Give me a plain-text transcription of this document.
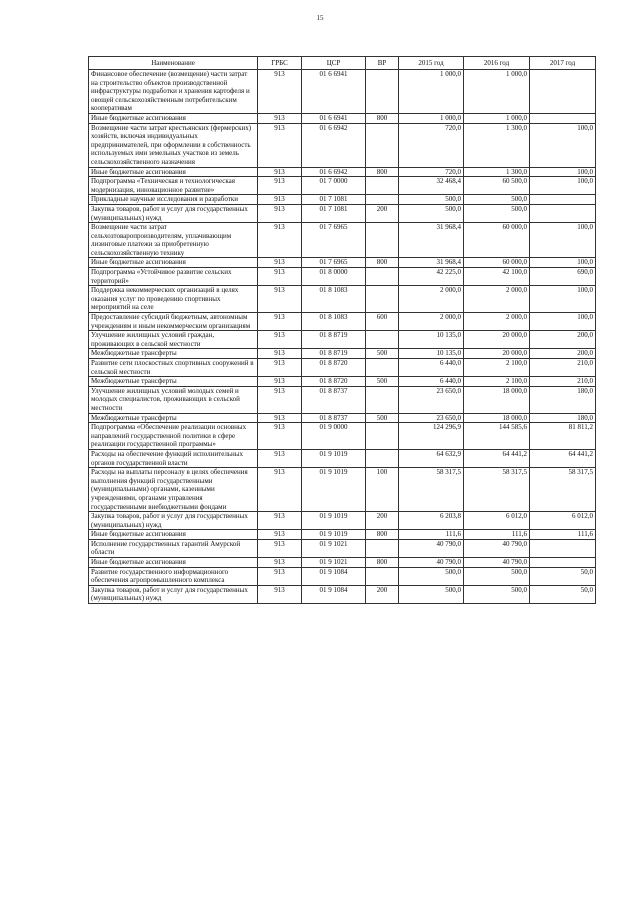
15
Наименование	ГРБС	ЦСР	ВР	2015 год	2016 год	2017 год
Финансовое обеспечение (возмещение) части затрат на строительство объектов производственной инфраструктуры подработки и хранения картофеля и овощей сельскохозяйственным потребительским кооперативам	913	01 6 6941		1 000,0	1 000,0	
Иные бюджетные ассигнования	913	01 6 6941	800	1 000,0	1 000,0	
Возмещение части затрат крестьянских (фермерских) хозяйств, включая индивидуальных предпринимателей, при оформлении в собственность используемых ими земельных участков из земель сельскохозяйственного назначения	913	01 6 6942		720,0	1 300,0	100,0
Иные бюджетные ассигнования	913	01 6 6942	800	720,0	1 300,0	100,0
Подпрограмма «Техническая и технологическая модернизация, инновационное развитие»	913	01 7 0000		32 468,4	60 500,0	100,0
Прикладные научные исследования и разработки	913	01 7 1081		500,0	500,0	
Закупка товаров, работ и услуг для государственных (муниципальных) нужд	913	01 7 1081	200	500,0	500,0	
Возмещение части затрат сельхозтоваропроизводителям, уплачивающим лизинговые платежи за приобретенную сельскохозяйственную технику	913	01 7 6965		31 968,4	60 000,0	100,0
Иные бюджетные ассигнования	913	01 7 6965	800	31 968,4	60 000,0	100,0
Подпрограмма «Устойчивое развитие сельских территорий»	913	01 8 0000		42 225,0	42 100,0	690,0
Поддержка некоммерческих организаций в целях оказания услуг по проведению спортивных мероприятий на селе	913	01 8 1083		2 000,0	2 000,0	100,0
Предоставление субсидий бюджетным, автономным учреждениям и иным некоммерческим организациям	913	01 8 1083	600	2 000,0	2 000,0	100,0
Улучшение жилищных условий граждан, проживающих в сельской местности	913	01 8 8719		10 135,0	20 000,0	200,0
Межбюджетные трансферты	913	01 8 8719	500	10 135,0	20 000,0	200,0
Развитие сети плоскостных спортивных сооружений в сельской местности	913	01 8 8720		6 440,0	2 100,0	210,0
Межбюджетные трансферты	913	01 8 8720	500	6 440,0	2 100,0	210,0
Улучшение жилищных условий молодых семей и молодых специалистов, проживающих в сельской местности	913	01 8 8737		23 650,0	18 000,0	180,0
Межбюджетные трансферты	913	01 8 8737	500	23 650,0	18 000,0	180,0
Подпрограмма «Обеспечение реализации основных направлений государственной политики в сфере реализации государственной программы»	913	01 9 0000		124 296,9	144 585,6	81 811,2
Расходы на обеспечение функций исполнительных органов государственной власти	913	01 9 1019		64 632,9	64 441,2	64 441,2
Расходы на выплаты персоналу в целях обеспечения выполнения функций государственными (муниципальными) органами, казенными учреждениями, органами управления государственными внебюджетными фондами	913	01 9 1019	100	58 317,5	58 317,5	58 317,5
Закупка товаров, работ и услуг для государственных (муниципальных) нужд	913	01 9 1019	200	6 203,8	6 012,0	6 012,0
Иные бюджетные ассигнования	913	01 9 1019	800	111,6	111,6	111,6
Исполнение государственных гарантий Амурской области	913	01 9 1021		40 790,0	40 790,0	
Иные бюджетные ассигнования	913	01 9 1021	800	40 790,0	40 790,0	
Развитие государственного информационного обеспечения агропромышленного комплекса	913	01 9 1084		500,0	500,0	50,0
Закупка товаров, работ и услуг для государственных (муниципальных) нужд	913	01 9 1084	200	500,0	500,0	50,0
